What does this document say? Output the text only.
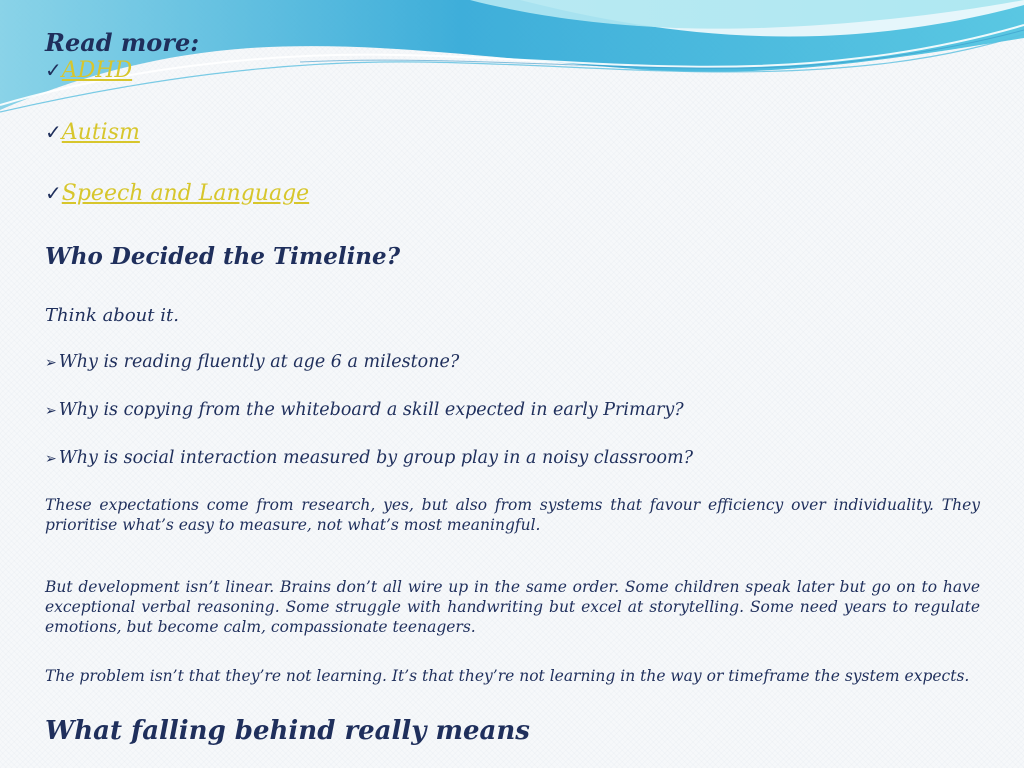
Read more:
✓ADHD
✓Autism
✓Speech and Language
Who Decided the Timeline?
Think about it.
➢ Why is reading fluently at age 6 a milestone?
➢ Why is copying from the whiteboard a skill expected in early Primary?
➢ Why is social interaction measured by group play in a noisy classroom?
These expectations come from research, yes, but also from systems that favour efficiency over individuality. They prioritise what’s easy to measure, not what’s most meaningful.
But development isn’t linear. Brains don’t all wire up in the same order. Some children speak later but go on to have exceptional verbal reasoning. Some struggle with handwriting but excel at storytelling. Some need years to regulate emotions, but become calm, compassionate teenagers.
The problem isn’t that they’re not learning. It’s that they’re not learning in the way or timeframe the system expects.
What falling behind really means
